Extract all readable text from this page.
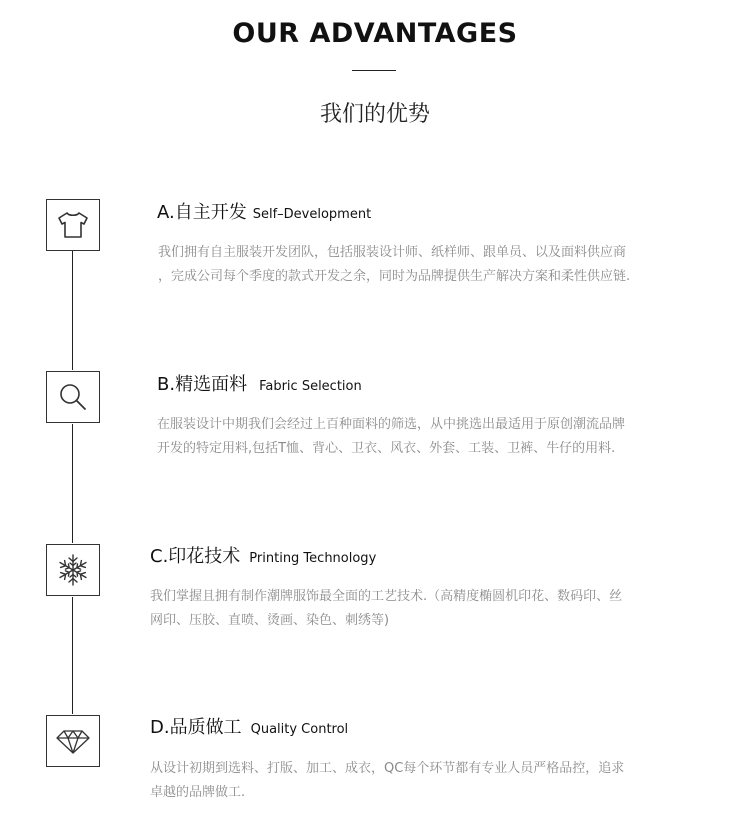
OUR ADVANTAGES
我们的优势
A.自主开发 Self–Development

我们拥有自主服装开发团队，包括服装设计师、纸样师、跟单员、以及面料供应商

，完成公司每个季度的款式开发之余，同时为品牌提供生产解决方案和柔性供应链.

B.精选面料 Fabric Selection

在服装设计中期我们会经过上百种面料的筛选，从中挑选出最适用于原创潮流品牌

开发的特定用料,包括T恤、背心、卫衣、风衣、外套、工装、卫裤、牛仔的用料.

C.印花技术 Printing Technology

我们掌握且拥有制作潮牌服饰最全面的工艺技术.（高精度椭圆机印花、数码印、丝

网印、压胶、直喷、烫画、染色、刺绣等)

D.品质做工 Quality Control

从设计初期到选料、打版、加工、成衣，QC每个环节都有专业人员严格品控，追求

卓越的品牌做工.
